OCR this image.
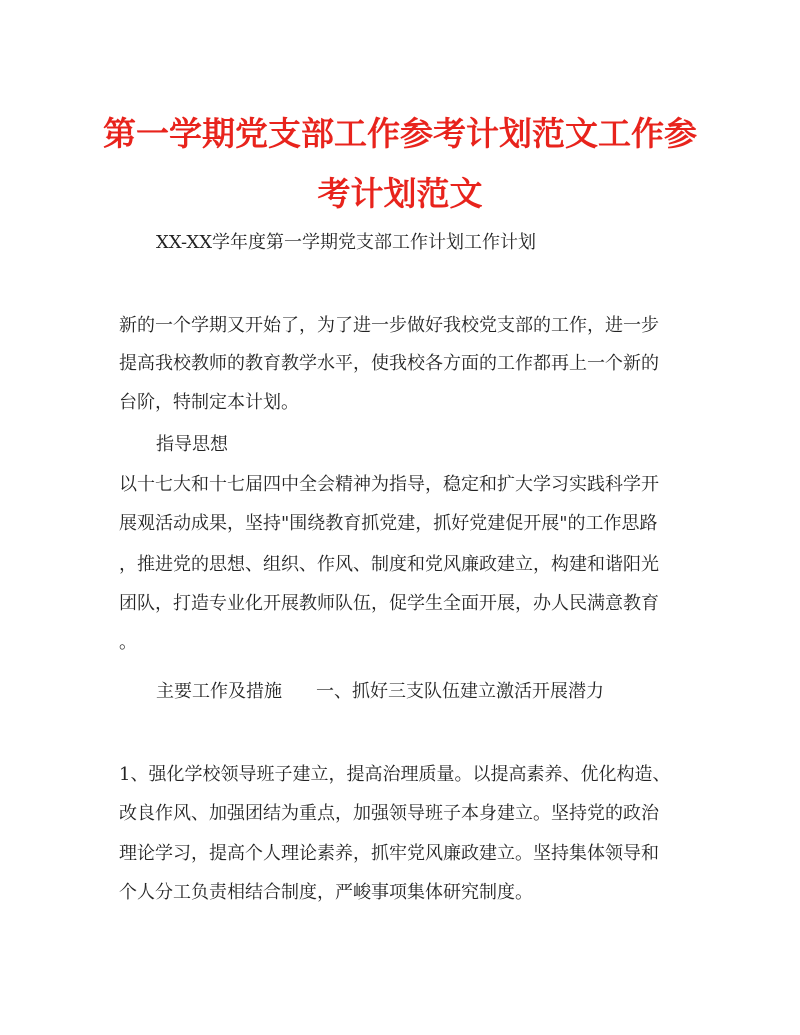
第一学期党支部工作参考计划范文工作参
考计划范文

XX-XX学年度第一学期党支部工作计划工作计划

新的一个学期又开始了，为了进一步做好我校党支部的工作，进一步

提高我校教师的教育教学水平，使我校各方面的工作都再上一个新的

台阶，特制定本计划。

指导思想

以十七大和十七届四中全会精神为指导，稳定和扩大学习实践科学开

展观活动成果，坚持"围绕教育抓党建，抓好党建促开展"的工作思路

，推进党的思想、组织、作风、制度和党风廉政建立，构建和谐阳光

团队，打造专业化开展教师队伍，促学生全面开展，办人民满意教育

。

主要工作及措施 一、抓好三支队伍建立激活开展潜力

1、强化学校领导班子建立，提高治理质量。以提高素养、优化构造、

改良作风、加强团结为重点，加强领导班子本身建立。坚持党的政治

理论学习，提高个人理论素养，抓牢党风廉政建立。坚持集体领导和

个人分工负责相结合制度，严峻事项集体研究制度。
